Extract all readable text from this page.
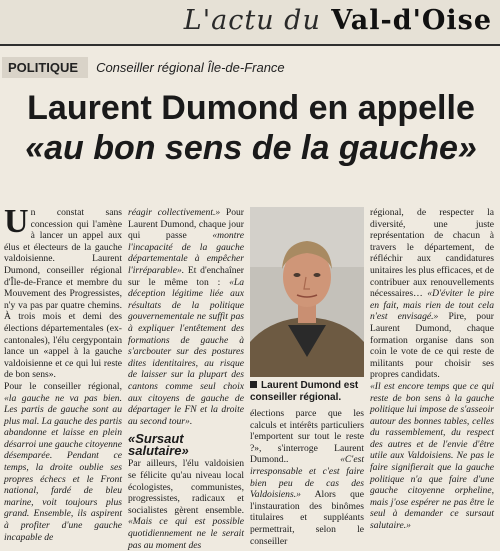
L'actu du Val-d'Oise
POLITIQUE	Conseiller régional Île-de-France
Laurent Dumond en appelle
«au bon sens de la gauche»

Un constat sans concession qui l'amène à lancer un appel aux élus et électeurs de la gauche valdoisienne. Laurent Dumond, conseiller régional d'Île-de-France et membre du Mouvement des Progressistes, n'y va pas par quatre chemins. À trois mois et demi des élections départementales (ex-cantonales), l'élu cergypontain lance un «appel à la gauche valdoisienne et ce qui lui reste de bon sens».

Pour le conseiller régional, «la gauche ne va pas bien. Les partis de gauche sont au plus mal. La gauche des partis abandonne et laisse en plein désarroi une gauche citoyenne désemparée. Pendant ce temps, la droite oublie ses propres échecs et le Front national, fardé de bleu marine, voit toujours plus grand. Ensemble, ils aspirent à profiter d'une gauche incapable de

réagir collectivement.» Pour Laurent Dumond, chaque jour qui passe «montre l'incapacité de la gauche départementale à empêcher l'irréparable». Et d'enchaîner sur le même ton : «La déception légitime liée aux résultats de la politique gouvernementale ne suffit pas à expliquer l'entêtement des formations de gauche à s'arcbouter sur des postures dites identitaires, au risque de laisser sur la plupart des cantons comme seul choix aux citoyens de gauche de départager le FN et la droite au second tour».

«Sursaut salutaire»

Par ailleurs, l'élu valdoisien se félicite qu'au niveau local écologistes, communistes, progressistes, radicaux et socialistes gèrent ensemble. «Mais ce qui est possible quotidiennement ne le serait pas au moment des

Laurent Dumond est conseiller régional.

élections parce que les calculs et intérêts particuliers l'emportent sur tout le reste ?», s'interroge Laurent Dumond.. «C'est irresponsable et c'est faire bien peu de cas des Valdoisiens.» Alors que l'instauration des binômes titulaires et suppléants permettrait, selon le conseiller

régional, de respecter la diversité, une juste représentation de chacun à travers le département, de réfléchir aux candidatures unitaires les plus efficaces, et de contribuer aux renouvellements nécessaires… «D'éviter le pire en fait, mais rien de tout cela n'est envisagé.» Pire, pour Laurent Dumond, chaque formation organise dans son coin le vote de ce qui reste de militants pour choisir ses propres candidats.

«Il est encore temps que ce qui reste de bon sens à la gauche politique lui impose de s'asseoir autour des bonnes tables, celles du rassemblement, du respect des autres et de l'envie d'être utile aux Valdoisiens. Ne pas le faire signifierait que la gauche politique n'a que faire d'une gauche citoyenne orpheline, mais j'ose espérer ne pas être le seul à demander ce sursaut salutaire.»
